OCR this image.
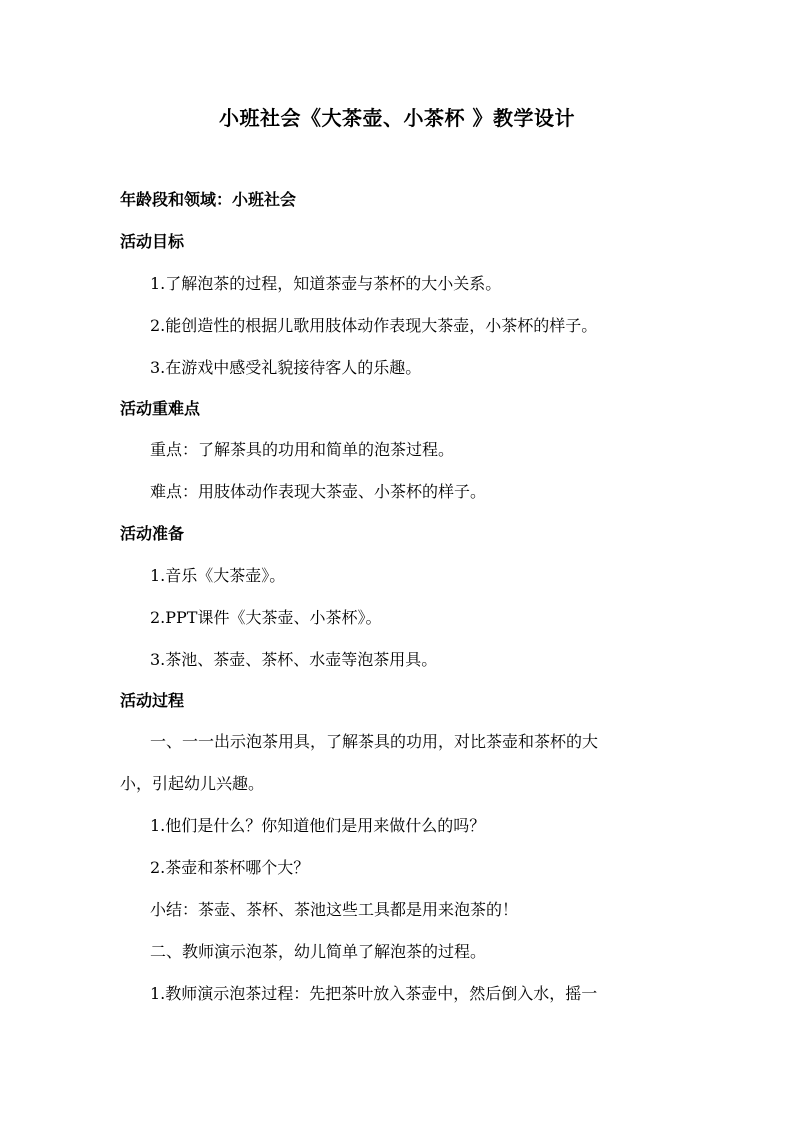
小班社会《大茶壶、小茶杯 》教学设计
年龄段和领域：小班社会
活动目标
1.了解泡茶的过程，知道茶壶与茶杯的大小关系。
2.能创造性的根据儿歌用肢体动作表现大茶壶，小茶杯的样子。
3.在游戏中感受礼貌接待客人的乐趣。
活动重难点
重点：了解茶具的功用和简单的泡茶过程。
难点：用肢体动作表现大茶壶、小茶杯的样子。
活动准备
1.音乐《大茶壶》。
2.PPT课件《大茶壶、小茶杯》。
3.茶池、茶壶、茶杯、水壶等泡茶用具。
活动过程
一、一一出示泡茶用具，了解茶具的功用，对比茶壶和茶杯的大
小，引起幼儿兴趣。
1.他们是什么？你知道他们是用来做什么的吗？
2.茶壶和茶杯哪个大？
小结：茶壶、茶杯、茶池这些工具都是用来泡茶的！
二、教师演示泡茶，幼儿简单了解泡茶的过程。
1.教师演示泡茶过程：先把茶叶放入茶壶中，然后倒入水，摇一
